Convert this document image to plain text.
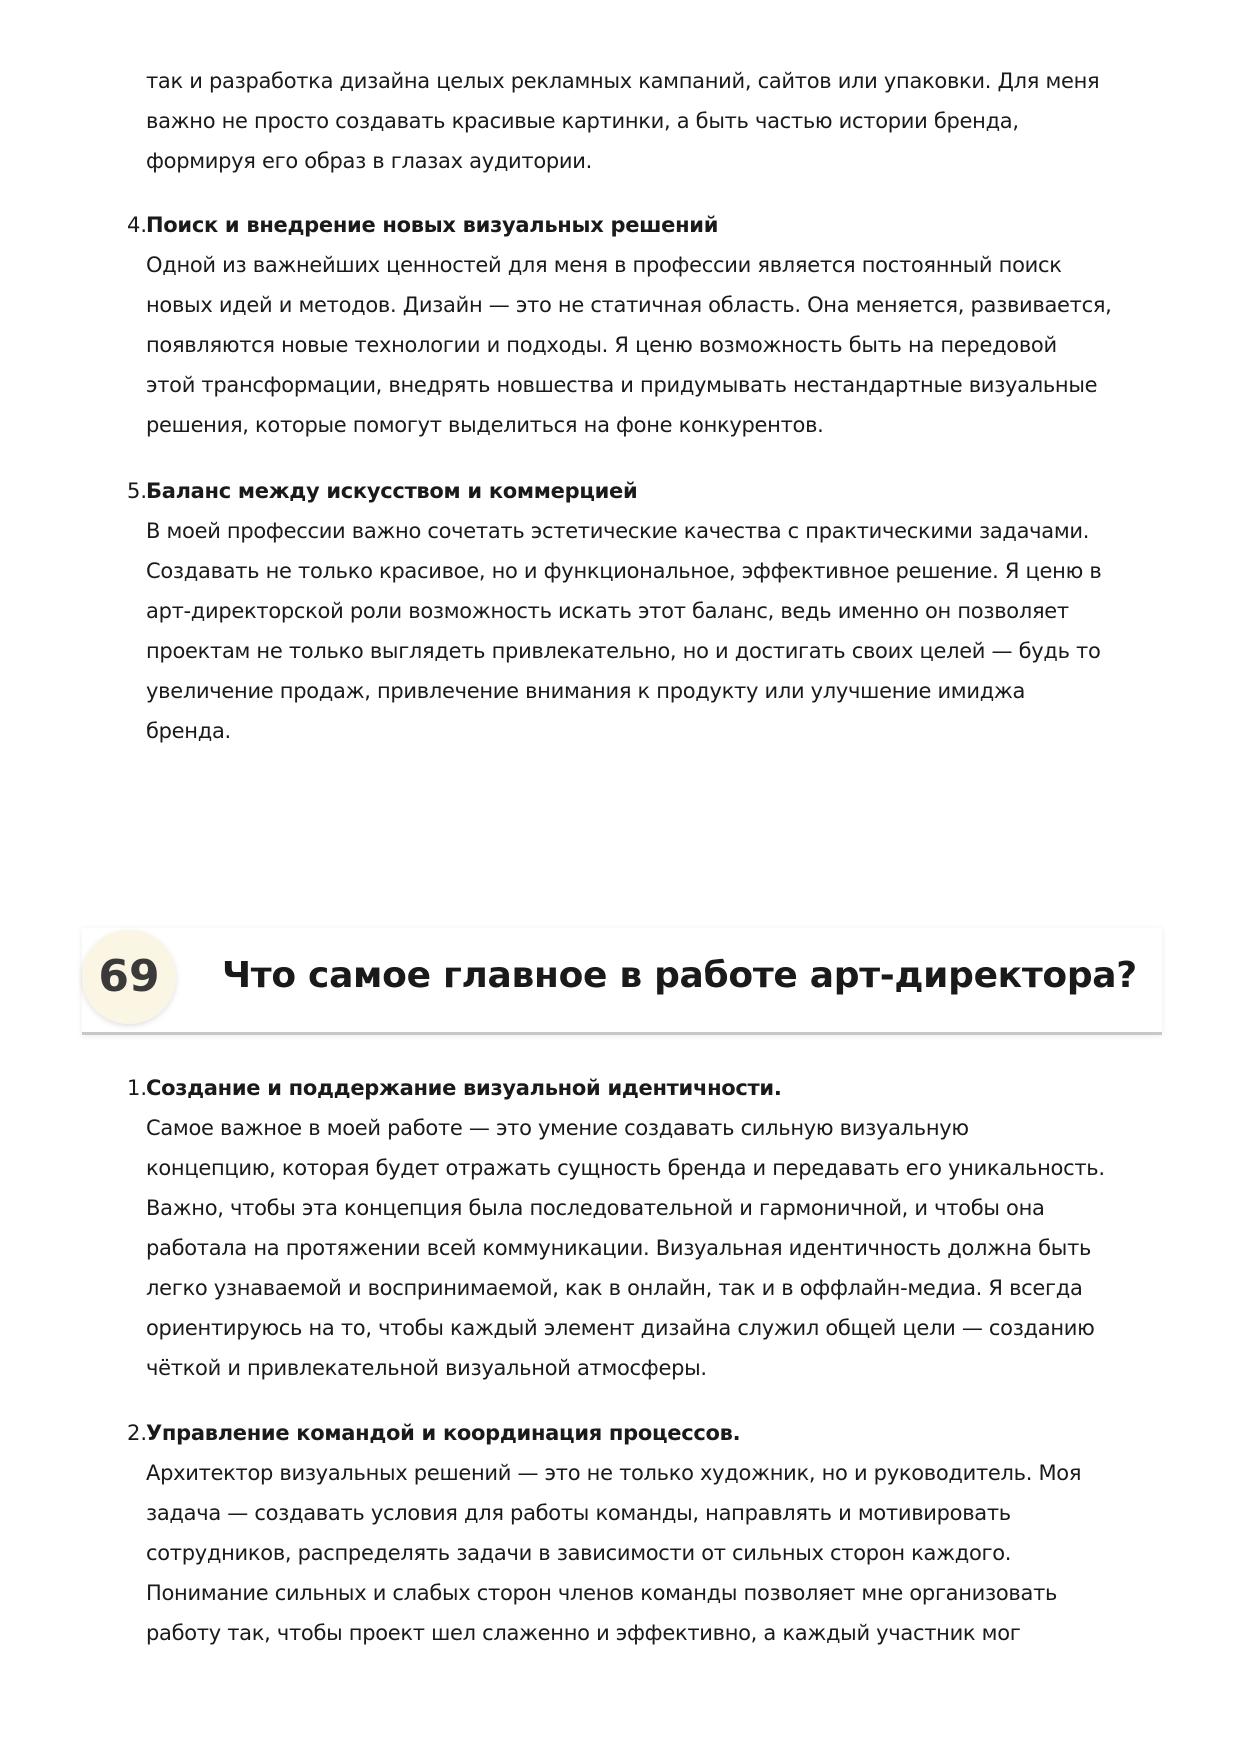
так и разработка дизайна целых рекламных кампаний, сайтов или упаковки. Для меня
важно не просто создавать красивые картинки, а быть частью истории бренда,
формируя его образ в глазах аудитории.
4. Поиск и внедрение новых визуальных решений
Одной из важнейших ценностей для меня в профессии является постоянный поиск
новых идей и методов. Дизайн — это не статичная область. Она меняется, развивается,
появляются новые технологии и подходы. Я ценю возможность быть на передовой
этой трансформации, внедрять новшества и придумывать нестандартные визуальные
решения, которые помогут выделиться на фоне конкурентов.
5. Баланс между искусством и коммерцией
В моей профессии важно сочетать эстетические качества с практическими задачами.
Создавать не только красивое, но и функциональное, эффективное решение. Я ценю в
арт-директорской роли возможность искать этот баланс, ведь именно он позволяет
проектам не только выглядеть привлекательно, но и достигать своих целей — будь то
увеличение продаж, привлечение внимания к продукту или улучшение имиджа
бренда.
69	Что самое главное в работе арт-директора?
1. Создание и поддержание визуальной идентичности.
Самое важное в моей работе — это умение создавать сильную визуальную
концепцию, которая будет отражать сущность бренда и передавать его уникальность.
Важно, чтобы эта концепция была последовательной и гармоничной, и чтобы она
работала на протяжении всей коммуникации. Визуальная идентичность должна быть
легко узнаваемой и воспринимаемой, как в онлайн, так и в оффлайн-медиа. Я всегда
ориентируюсь на то, чтобы каждый элемент дизайна служил общей цели — созданию
чёткой и привлекательной визуальной атмосферы.
2. Управление командой и координация процессов.
Архитектор визуальных решений — это не только художник, но и руководитель. Моя
задача — создавать условия для работы команды, направлять и мотивировать
сотрудников, распределять задачи в зависимости от сильных сторон каждого.
Понимание сильных и слабых сторон членов команды позволяет мне организовать
работу так, чтобы проект шел слаженно и эффективно, а каждый участник мог
